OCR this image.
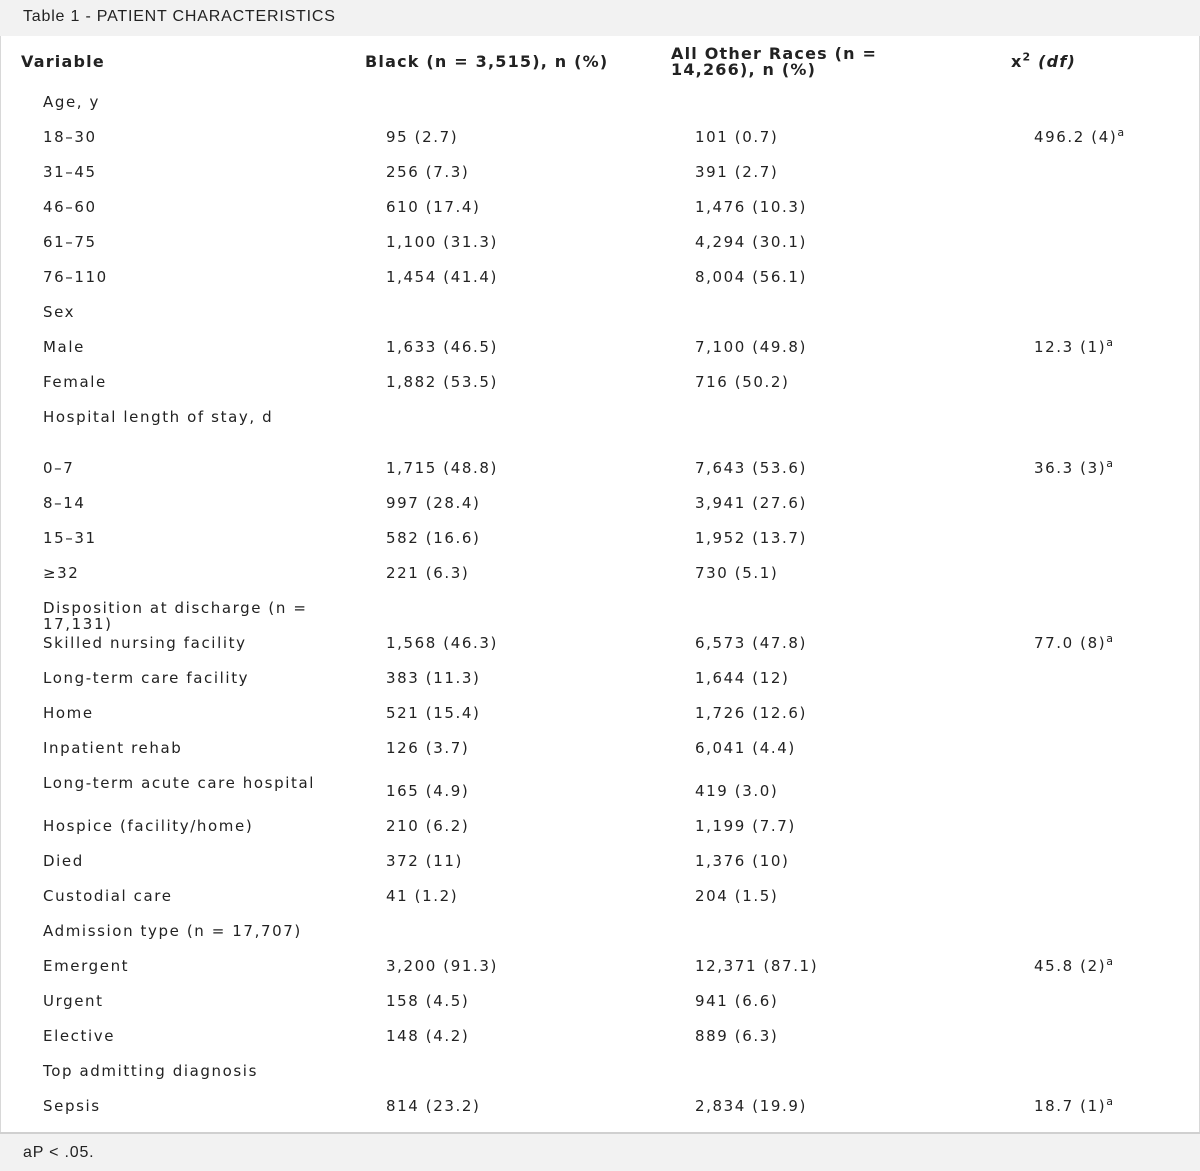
Table 1 - PATIENT CHARACTERISTICS
Variable	Black (n = 3,515), n (%)	All Other Races (n = 14,266), n (%)	$x^2$ (df)
Age, y
18–30	95 (2.7)	101 (0.7)	496.2 $(4)^a$
31–45	256 (7.3)	391 (2.7)
46–60	610 (17.4)	1,476 (10.3)
61–75	1,100 (31.3)	4,294 (30.1)
76–110	1,454 (41.4)	8,004 (56.1)
Sex
Male	1,633 (46.5)	7,100 (49.8)	12.3 $(1)^a$
Female	1,882 (53.5)	716 (50.2)
Hospital length of stay, d
0–7	1,715 (48.8)	7,643 (53.6)	36.3 $(3)^a$
8–14	997 (28.4)	3,941 (27.6)
15–31	582 (16.6)	1,952 (13.7)
≥32	221 (6.3)	730 (5.1)
Disposition at discharge (n = 17,131)
Skilled nursing facility	1,568 (46.3)	6,573 (47.8)	77.0 $(8)^a$
Long-term care facility	383 (11.3)	1,644 (12)
Home	521 (15.4)	1,726 (12.6)
Inpatient rehab	126 (3.7)	6,041 (4.4)
Long-term acute care hospital	165 (4.9)	419 (3.0)
Hospice (facility/home)	210 (6.2)	1,199 (7.7)
Died	372 (11)	1,376 (10)
Custodial care	41 (1.2)	204 (1.5)
Admission type (n = 17,707)
Emergent	3,200 (91.3)	12,371 (87.1)	45.8 $(2)^a$
Urgent	158 (4.5)	941 (6.6)
Elective	148 (4.2)	889 (6.3)
Top admitting diagnosis
Sepsis	814 (23.2)	2,834 (19.9)	18.7 $(1)^a$
aP < .05.
